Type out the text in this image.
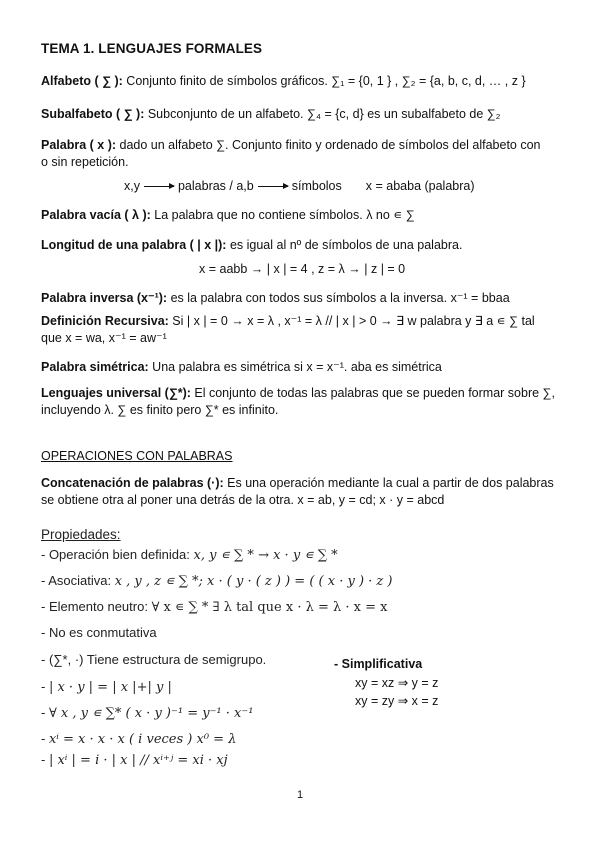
TEMA 1. LENGUAJES FORMALES
Alfabeto ( ∑ ): Conjunto finito de símbolos gráficos. ∑₁ = {0, 1 } , ∑₂ = {a, b, c, d, … , z }
Subalfabeto ( ∑ ): Subconjunto de un alfabeto. ∑₄ = {c, d} es un subalfabeto de ∑₂
Palabra ( x ): dado un alfabeto ∑. Conjunto finito y ordenado de símbolos del alfabeto con
o sin repetición.
x,y	palabras / a,b	símbolos x = ababa (palabra)
Palabra vacía ( λ ): La palabra que no contiene símbolos. λ no ∊ ∑
Longitud de una palabra ( | x |): es igual al nº de símbolos de una palabra.
x = aabb → | x | = 4 , z = λ → | z | = 0
Palabra inversa (x⁻¹): es la palabra con todos sus símbolos a la inversa. x⁻¹ = bbaa
Definición Recursiva: Si | x | = 0 → x = λ , x⁻¹ = λ // | x | > 0 → ∃ w palabra y ∃ a ∊ ∑ tal
que x = wa, x⁻¹ = aw⁻¹
Palabra simétrica: Una palabra es simétrica si x = x⁻¹. aba es simétrica
Lenguajes universal (∑*): El conjunto de todas las palabras que se pueden formar sobre ∑,
incluyendo λ. ∑ es finito pero ∑* es infinito.
OPERACIONES CON PALABRAS
Concatenación de palabras (·): Es una operación mediante la cual a partir de dos palabras
se obtiene otra al poner una detrás de la otra. x = ab, y = cd; x · y = abcd
Propiedades:
- Operación bien definida: x, y ∊ ∑ * → x · y ∊ ∑ *
- Asociativa: x , y , z ∊ ∑ *; x · ( y · ( z ) ) = ( ( x · y ) · z )
- Elemento neutro: ∀ x ∊ ∑ * ∃ λ tal que x · λ = λ · x = x
- No es conmutativa
- (∑*, ·) Tiene estructura de semigrupo.
- | x · y | = | x |+| y |
- ∀ x , y ∊ ∑* ( x · y )⁻¹ = y⁻¹ · x⁻¹
- xⁱ = x · x · x ( i veces ) x⁰ = λ
- | xⁱ | = i · | x | // xⁱ⁺ʲ = xi · xj
- Simplificativa
xy = xz ⇒ y = z
xy = zy ⇒ x = z
1
